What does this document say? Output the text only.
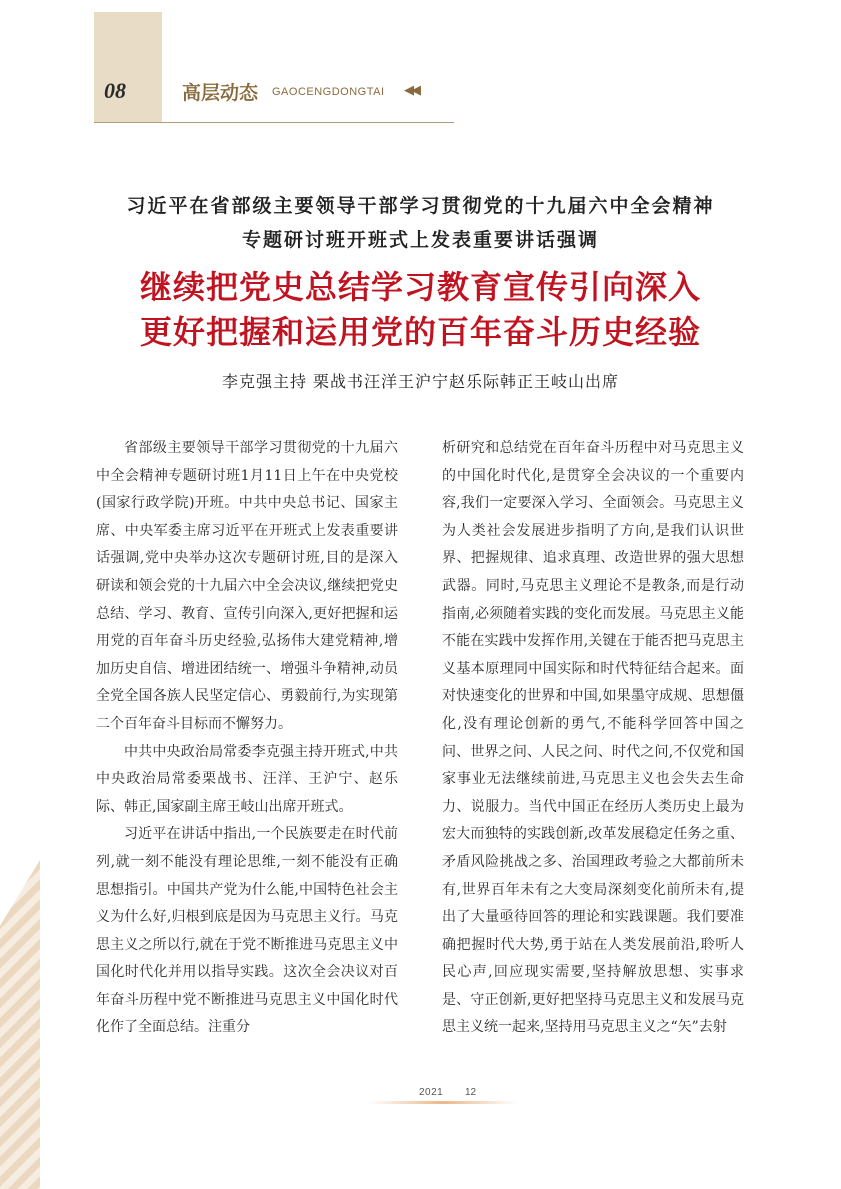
08	高层动态 GAOCENGDONGTAI ◀◀
习近平在省部级主要领导干部学习贯彻党的十九届六中全会精神
专题研讨班开班式上发表重要讲话强调
继续把党史总结学习教育宣传引向深入
更好把握和运用党的百年奋斗历史经验
李克强主持 栗战书汪洋王沪宁赵乐际韩正王岐山出席

省部级主要领导干部学习贯彻党的十九届六中全会精神专题研讨班1月11日上午在中央党校(国家行政学院)开班。中共中央总书记、国家主席、中央军委主席习近平在开班式上发表重要讲话强调,党中央举办这次专题研讨班,目的是深入研读和领会党的十九届六中全会决议,继续把党史总结、学习、教育、宣传引向深入,更好把握和运用党的百年奋斗历史经验,弘扬伟大建党精神,增加历史自信、增进团结统一、增强斗争精神,动员全党全国各族人民坚定信心、勇毅前行,为实现第二个百年奋斗目标而不懈努力。

中共中央政治局常委李克强主持开班式,中共中央政治局常委栗战书、汪洋、王沪宁、赵乐际、韩正,国家副主席王岐山出席开班式。

习近平在讲话中指出,一个民族要走在时代前列,就一刻不能没有理论思维,一刻不能没有正确思想指引。中国共产党为什么能,中国特色社会主义为什么好,归根到底是因为马克思主义行。马克思主义之所以行,就在于党不断推进马克思主义中国化时代化并用以指导实践。这次全会决议对百年奋斗历程中党不断推进马克思主义中国化时代化作了全面总结。注重分

析研究和总结党在百年奋斗历程中对马克思主义的中国化时代化,是贯穿全会决议的一个重要内容,我们一定要深入学习、全面领会。马克思主义为人类社会发展进步指明了方向,是我们认识世界、把握规律、追求真理、改造世界的强大思想武器。同时,马克思主义理论不是教条,而是行动指南,必须随着实践的变化而发展。马克思主义能不能在实践中发挥作用,关键在于能否把马克思主义基本原理同中国实际和时代特征结合起来。面对快速变化的世界和中国,如果墨守成规、思想僵化,没有理论创新的勇气,不能科学回答中国之问、世界之问、人民之问、时代之问,不仅党和国家事业无法继续前进,马克思主义也会失去生命力、说服力。当代中国正在经历人类历史上最为宏大而独特的实践创新,改革发展稳定任务之重、矛盾风险挑战之多、治国理政考验之大都前所未有,世界百年未有之大变局深刻变化前所未有,提出了大量亟待回答的理论和实践课题。我们要准确把握时代大势,勇于站在人类发展前沿,聆听人民心声,回应现实需要,坚持解放思想、实事求是、守正创新,更好把坚持马克思主义和发展马克思主义统一起来,坚持用马克思主义之“矢”去射

2021 12
